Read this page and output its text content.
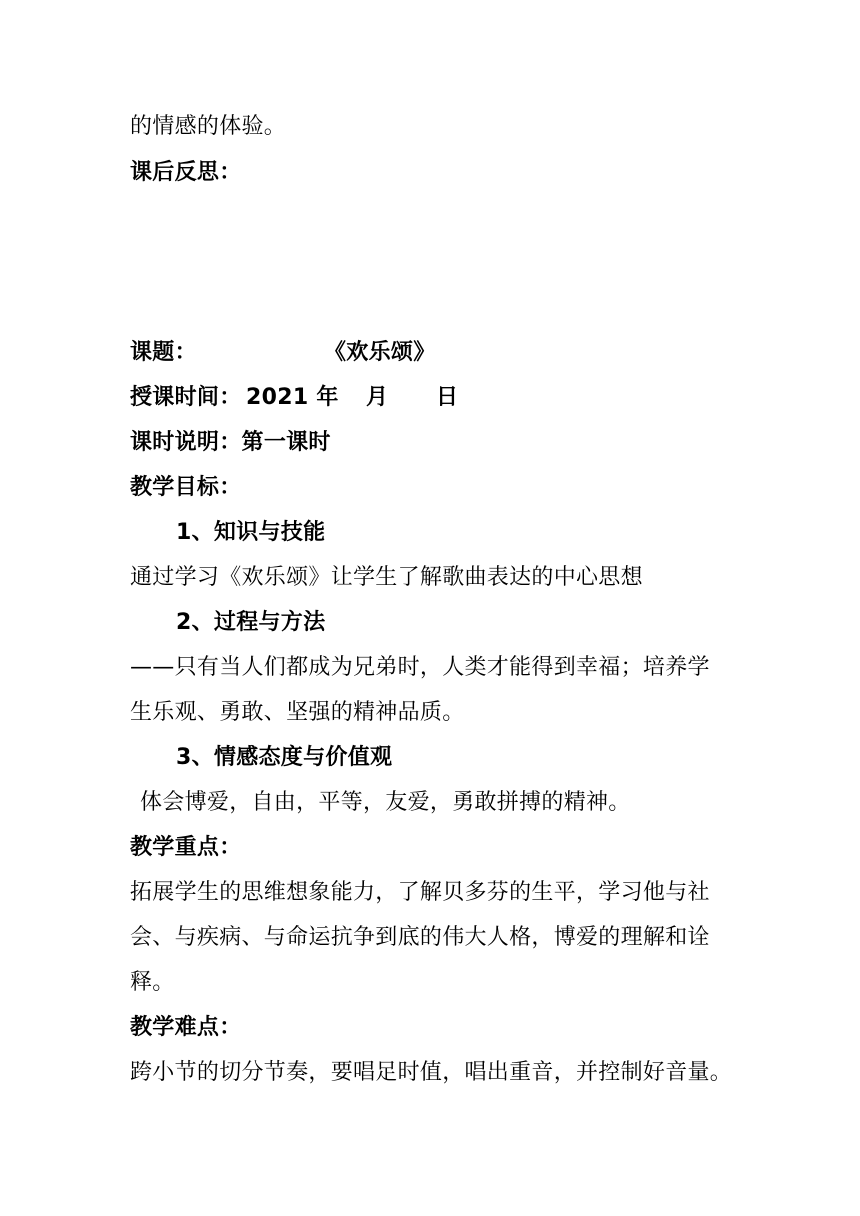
的情感的体验。
课后反思：
课题：	《欢乐颂》
授课时间： 2021 年 月 日
课时说明：第一课时
教学目标：
1、知识与技能
通过学习《欢乐颂》让学生了解歌曲表达的中心思想
2、过程与方法
——只有当人们都成为兄弟时，人类才能得到幸福；培养学
生乐观、勇敢、坚强的精神品质。
3、情感态度与价值观
体会博爱，自由，平等，友爱，勇敢拼搏的精神。
教学重点：
拓展学生的思维想象能力，了解贝多芬的生平，学习他与社
会、与疾病、与命运抗争到底的伟大人格，博爱的理解和诠
释。
教学难点：
跨小节的切分节奏，要唱足时值，唱出重音，并控制好音量。
